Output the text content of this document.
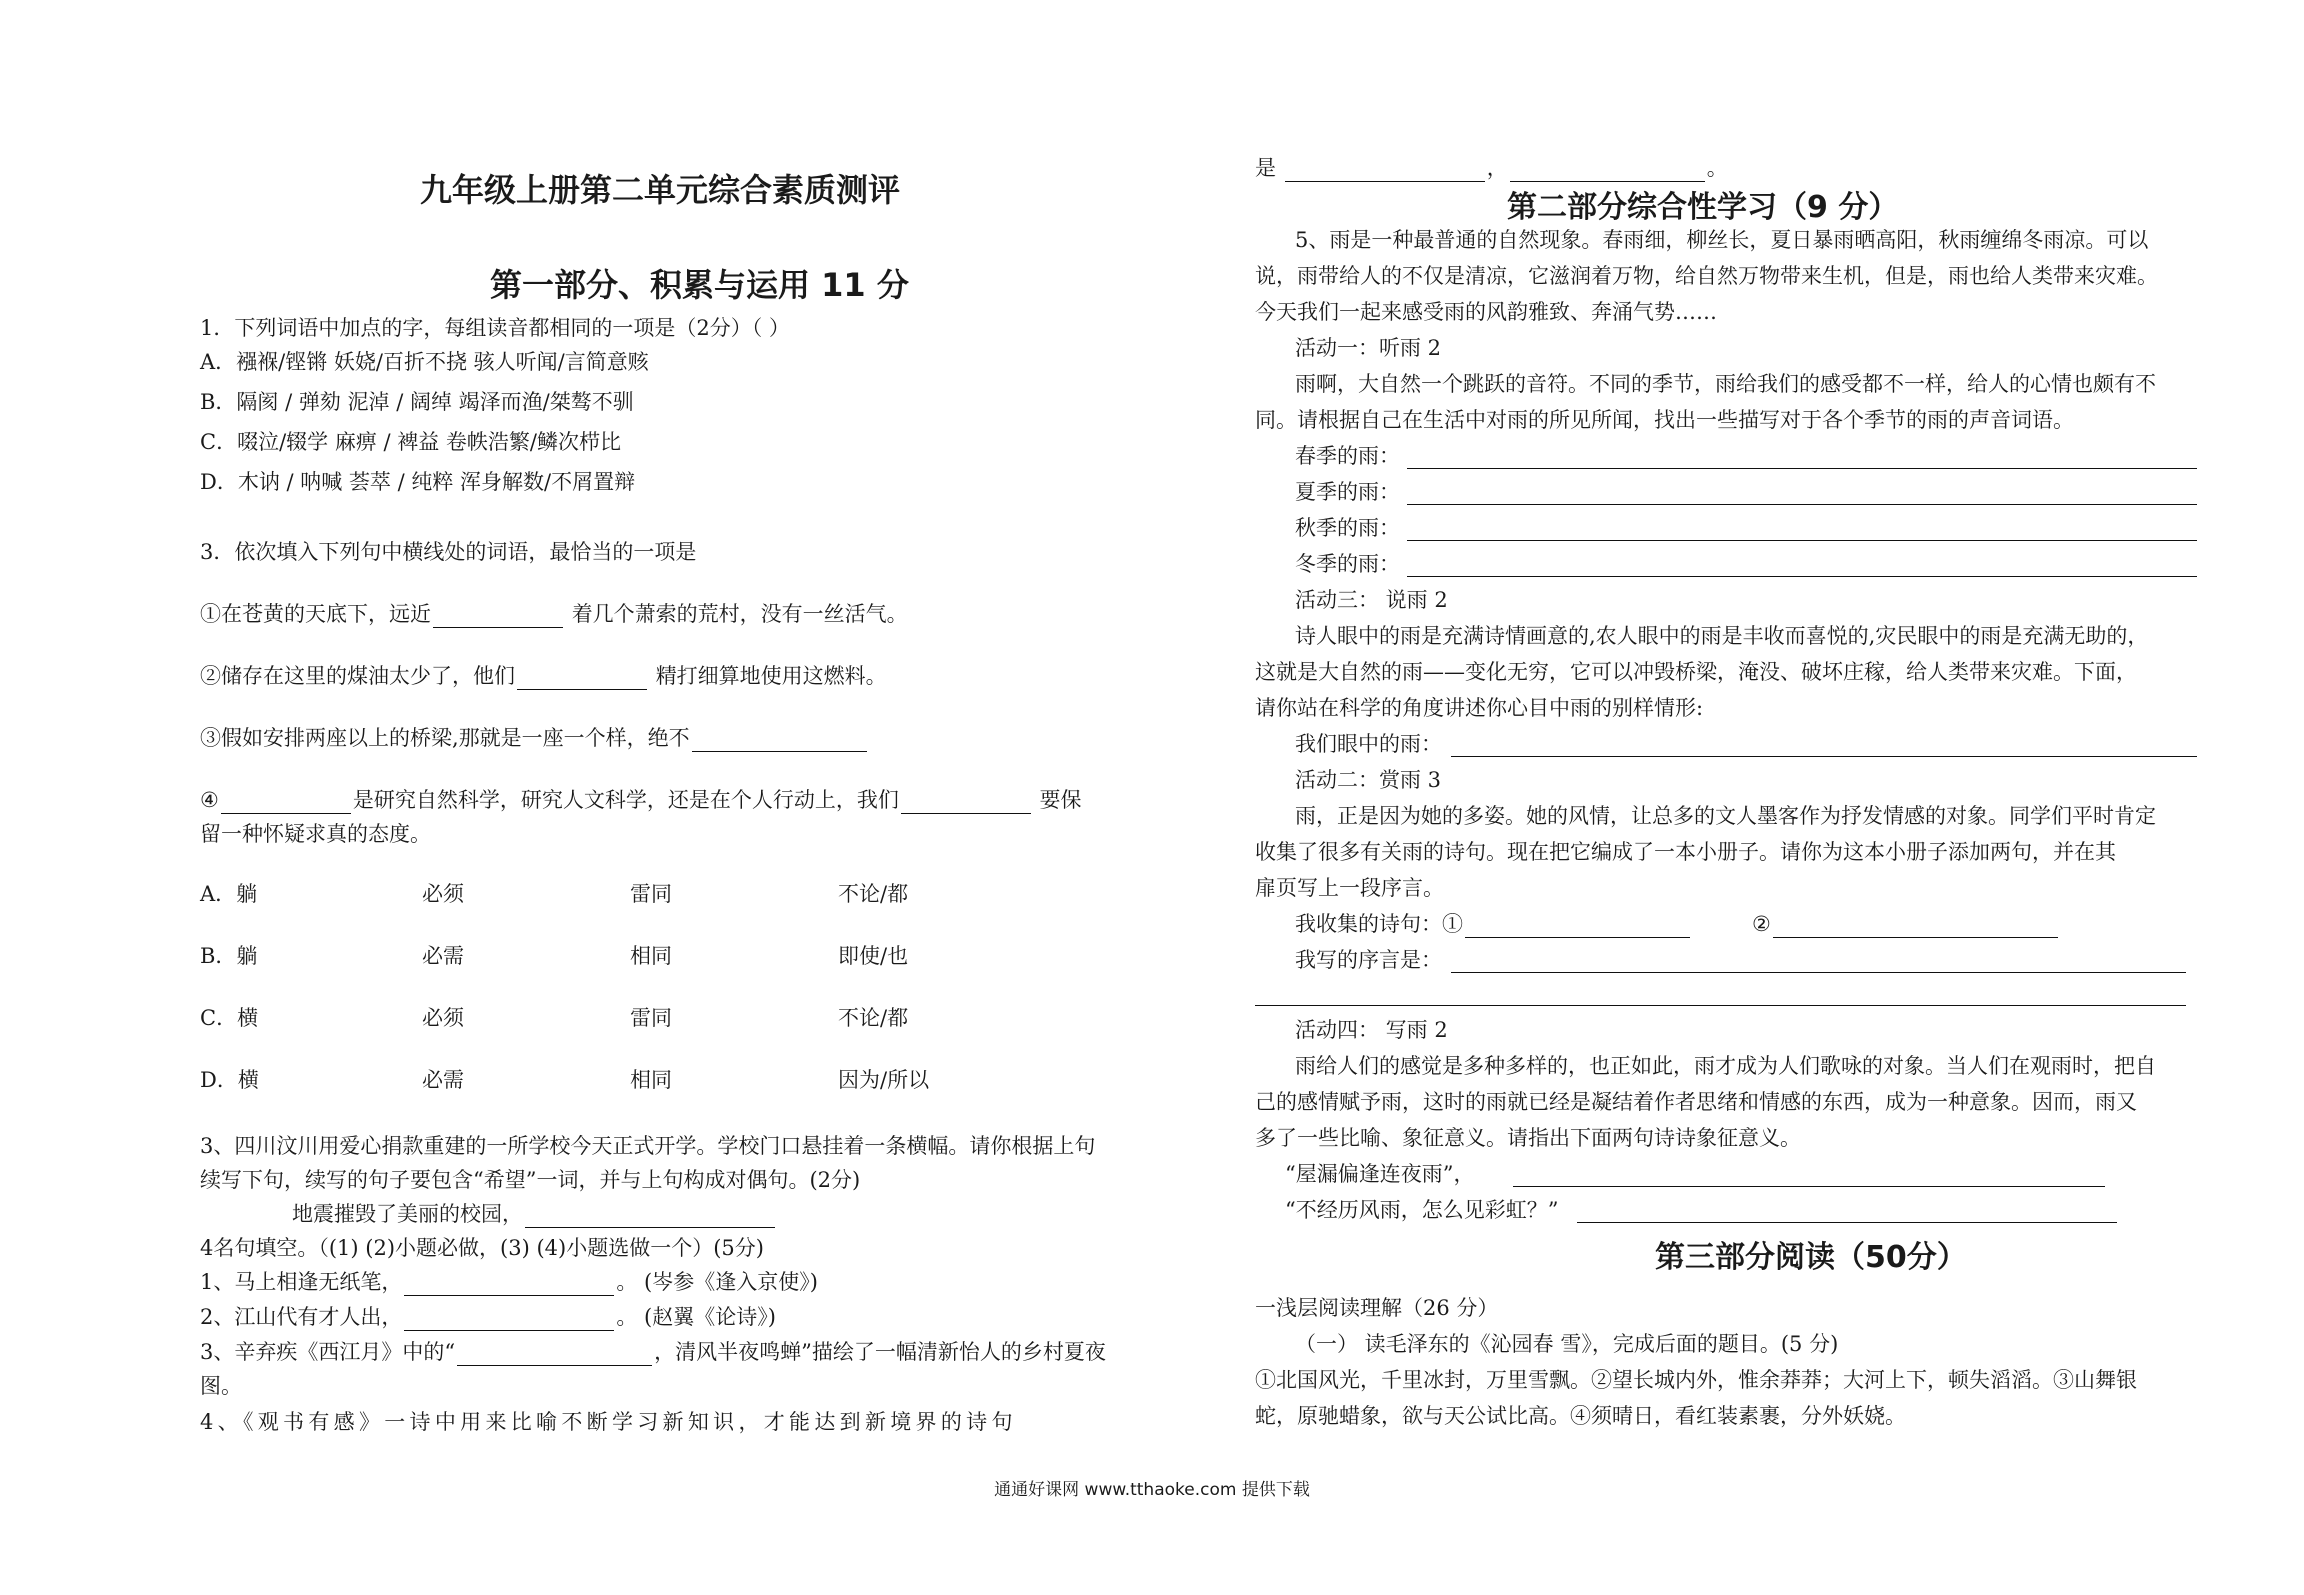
九年级上册第二单元综合素质测评
第一部分、积累与运用 11 分
1．下列词语中加点的字，每组读音都相同的一项是（2分）（ ）
A．襁褓/铿锵 妖娆/百折不挠 骇人听闻/言简意赅
B．隔阂 / 弹劾 泥淖 / 阔绰 竭泽而渔/桀骜不驯
C．啜泣/辍学 麻痹 / 裨益 卷帙浩繁/鳞次栉比
D．木讷 / 呐喊 荟萃 / 纯粹 浑身解数/不屑置辩
3．依次填入下列句中横线处的词语，最恰当的一项是
①在苍黄的天底下，远近	着几个萧索的荒村，没有一丝活气。
②储存在这里的煤油太少了，他们	精打细算地使用这燃料。
③假如安排两座以上的桥梁,那就是一座一个样，绝不
④	是研究自然科学，研究人文科学，还是在个人行动上，我们	要保
留一种怀疑求真的态度。
A．躺	必须	雷同	不论/都
B．躺	必需	相同	即使/也
C．横	必须	雷同	不论/都
D．横	必需	相同	因为/所以
3、四川汶川用爱心捐款重建的一所学校今天正式开学。学校门口悬挂着一条横幅。请你根据上句
续写下句，续写的句子要包含“希望”一词，并与上句构成对偶句。(2分)
地震摧毁了美丽的校园，
4名句填空。（(1) (2)小题必做，(3) (4)小题选做一个）(5分)
1、马上相逢无纸笔，	。 (岑参《逢入京使》)
2、江山代有才人出，	。 (赵翼《论诗》)
3、辛弃疾《西江月》中的“	，清风半夜鸣蝉”描绘了一幅清新怡人的乡村夏夜
图。
4、《观书有感》一诗中用来比喻不断学习新知识，才能达到新境界的诗句
是	，	。
第二部分综合性学习（9 分）
5、雨是一种最普通的自然现象。春雨细，柳丝长，夏日暴雨晒高阳，秋雨缠绵冬雨凉。可以
说，雨带给人的不仅是清凉，它滋润着万物，给自然万物带来生机，但是，雨也给人类带来灾难。
今天我们一起来感受雨的风韵雅致、奔涌气势……
活动一：听雨 2
雨啊，大自然一个跳跃的音符。不同的季节，雨给我们的感受都不一样，给人的心情也颇有不
同。请根据自己在生活中对雨的所见所闻，找出一些描写对于各个季节的雨的声音词语。
春季的雨：
夏季的雨：
秋季的雨：
冬季的雨：
活动三： 说雨 2
诗人眼中的雨是充满诗情画意的,农人眼中的雨是丰收而喜悦的,灾民眼中的雨是充满无助的，
这就是大自然的雨——变化无穷，它可以冲毁桥梁，淹没、破坏庄稼，给人类带来灾难。下面，
请你站在科学的角度讲述你心目中雨的别样情形:
我们眼中的雨：
活动二：赏雨 3
雨，正是因为她的多姿。她的风情，让总多的文人墨客作为抒发情感的对象。同学们平时肯定
收集了很多有关雨的诗句。现在把它编成了一本小册子。请你为这本小册子添加两句，并在其
扉页写上一段序言。
我收集的诗句：①	②
我写的序言是：
活动四： 写雨 2
雨给人们的感觉是多种多样的，也正如此，雨才成为人们歌咏的对象。当人们在观雨时，把自
己的感情赋予雨，这时的雨就已经是凝结着作者思绪和情感的东西，成为一种意象。因而，雨又
多了一些比喻、象征意义。请指出下面两句诗诗象征意义。
“屋漏偏逢连夜雨”，
“不经历风雨，怎么见彩虹？”
第三部分阅读（50分）
一浅层阅读理解（26 分）
（一） 读毛泽东的《沁园春 雪》，完成后面的题目。(5 分)
①北国风光，千里冰封，万里雪飘。②望长城内外，惟余莽莽；大河上下，顿失滔滔。③山舞银
蛇，原驰蜡象，欲与天公试比高。④须晴日，看红装素裹，分外妖娆。
通通好课网 www.tthaoke.com 提供下载
